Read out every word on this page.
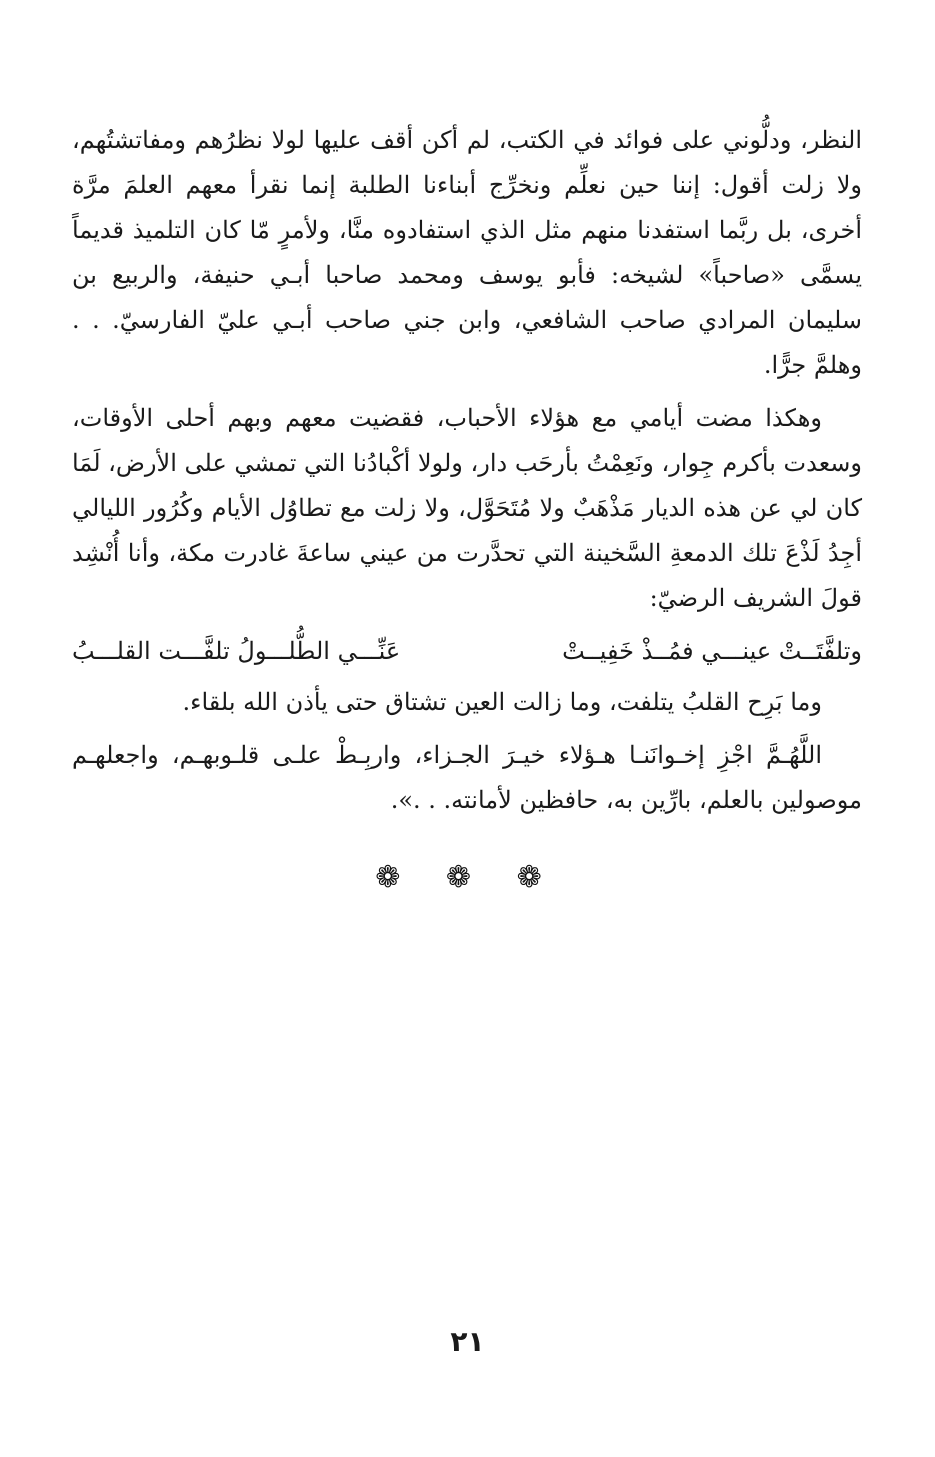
النظر، ودلُّوني على فوائد في الكتب، لم أكن أقف عليها لولا نظرُهم ومفاتشتُهم، ولا زلت أقول: إننا حين نعلِّم ونخرِّج أبناءنا الطلبة إنما نقرأ معهم العلمَ مرَّة أخرى، بل ربَّما استفدنا منهم مثل الذي استفادوه منَّا، ولأمرٍ مّا كان التلميذ قديماً يسمَّى «صاحباً» لشيخه: فأبو يوسف ومحمد صاحبا أبـي حنيفة، والربيع بن سليمان المرادي صاحب الشافعي، وابن جني صاحب أبـي عليّ الفارسيّ. . . وهلمَّ جرًّا.

وهكذا مضت أيامي مع هؤلاء الأحباب، فقضيت معهم وبهم أحلى الأوقات، وسعدت بأكرم جِوار، ونَعِمْتُ بأرحَب دار، ولولا أكْبادُنا التي تمشي على الأرض، لَمَا كان لي عن هذه الديار مَذْهَبٌ ولا مُتَحَوَّل، ولا زلت مع تطاوُل الأيام وكُرُور الليالي أجِدُ لَذْعَ تلك الدمعةِ السَّخينة التي تحدَّرت من عيني ساعةَ غادرت مكة، وأنا أُنْشِد قولَ الشريف الرضيّ:

وتلفَّتَــتْ عينـــي فمُــذْ خَفِيــتْ
عَنِّـــي الطُّلـــولُ تلفَّـــت القلـــبُ

وما بَرِح القلبُ يتلفت، وما زالت العين تشتاق حتى يأذن الله بلقاء.

اللَّهُـمَّ اجْزِ إخـوانَنـا هـؤلاء خيـرَ الجـزاء، واربِـطْ علـى قلـوبهـم، واجعلهـم موصولين بالعلم، بارِّين به، حافظين لأمانته. . .».

❁ ❁ ❁
٢١
